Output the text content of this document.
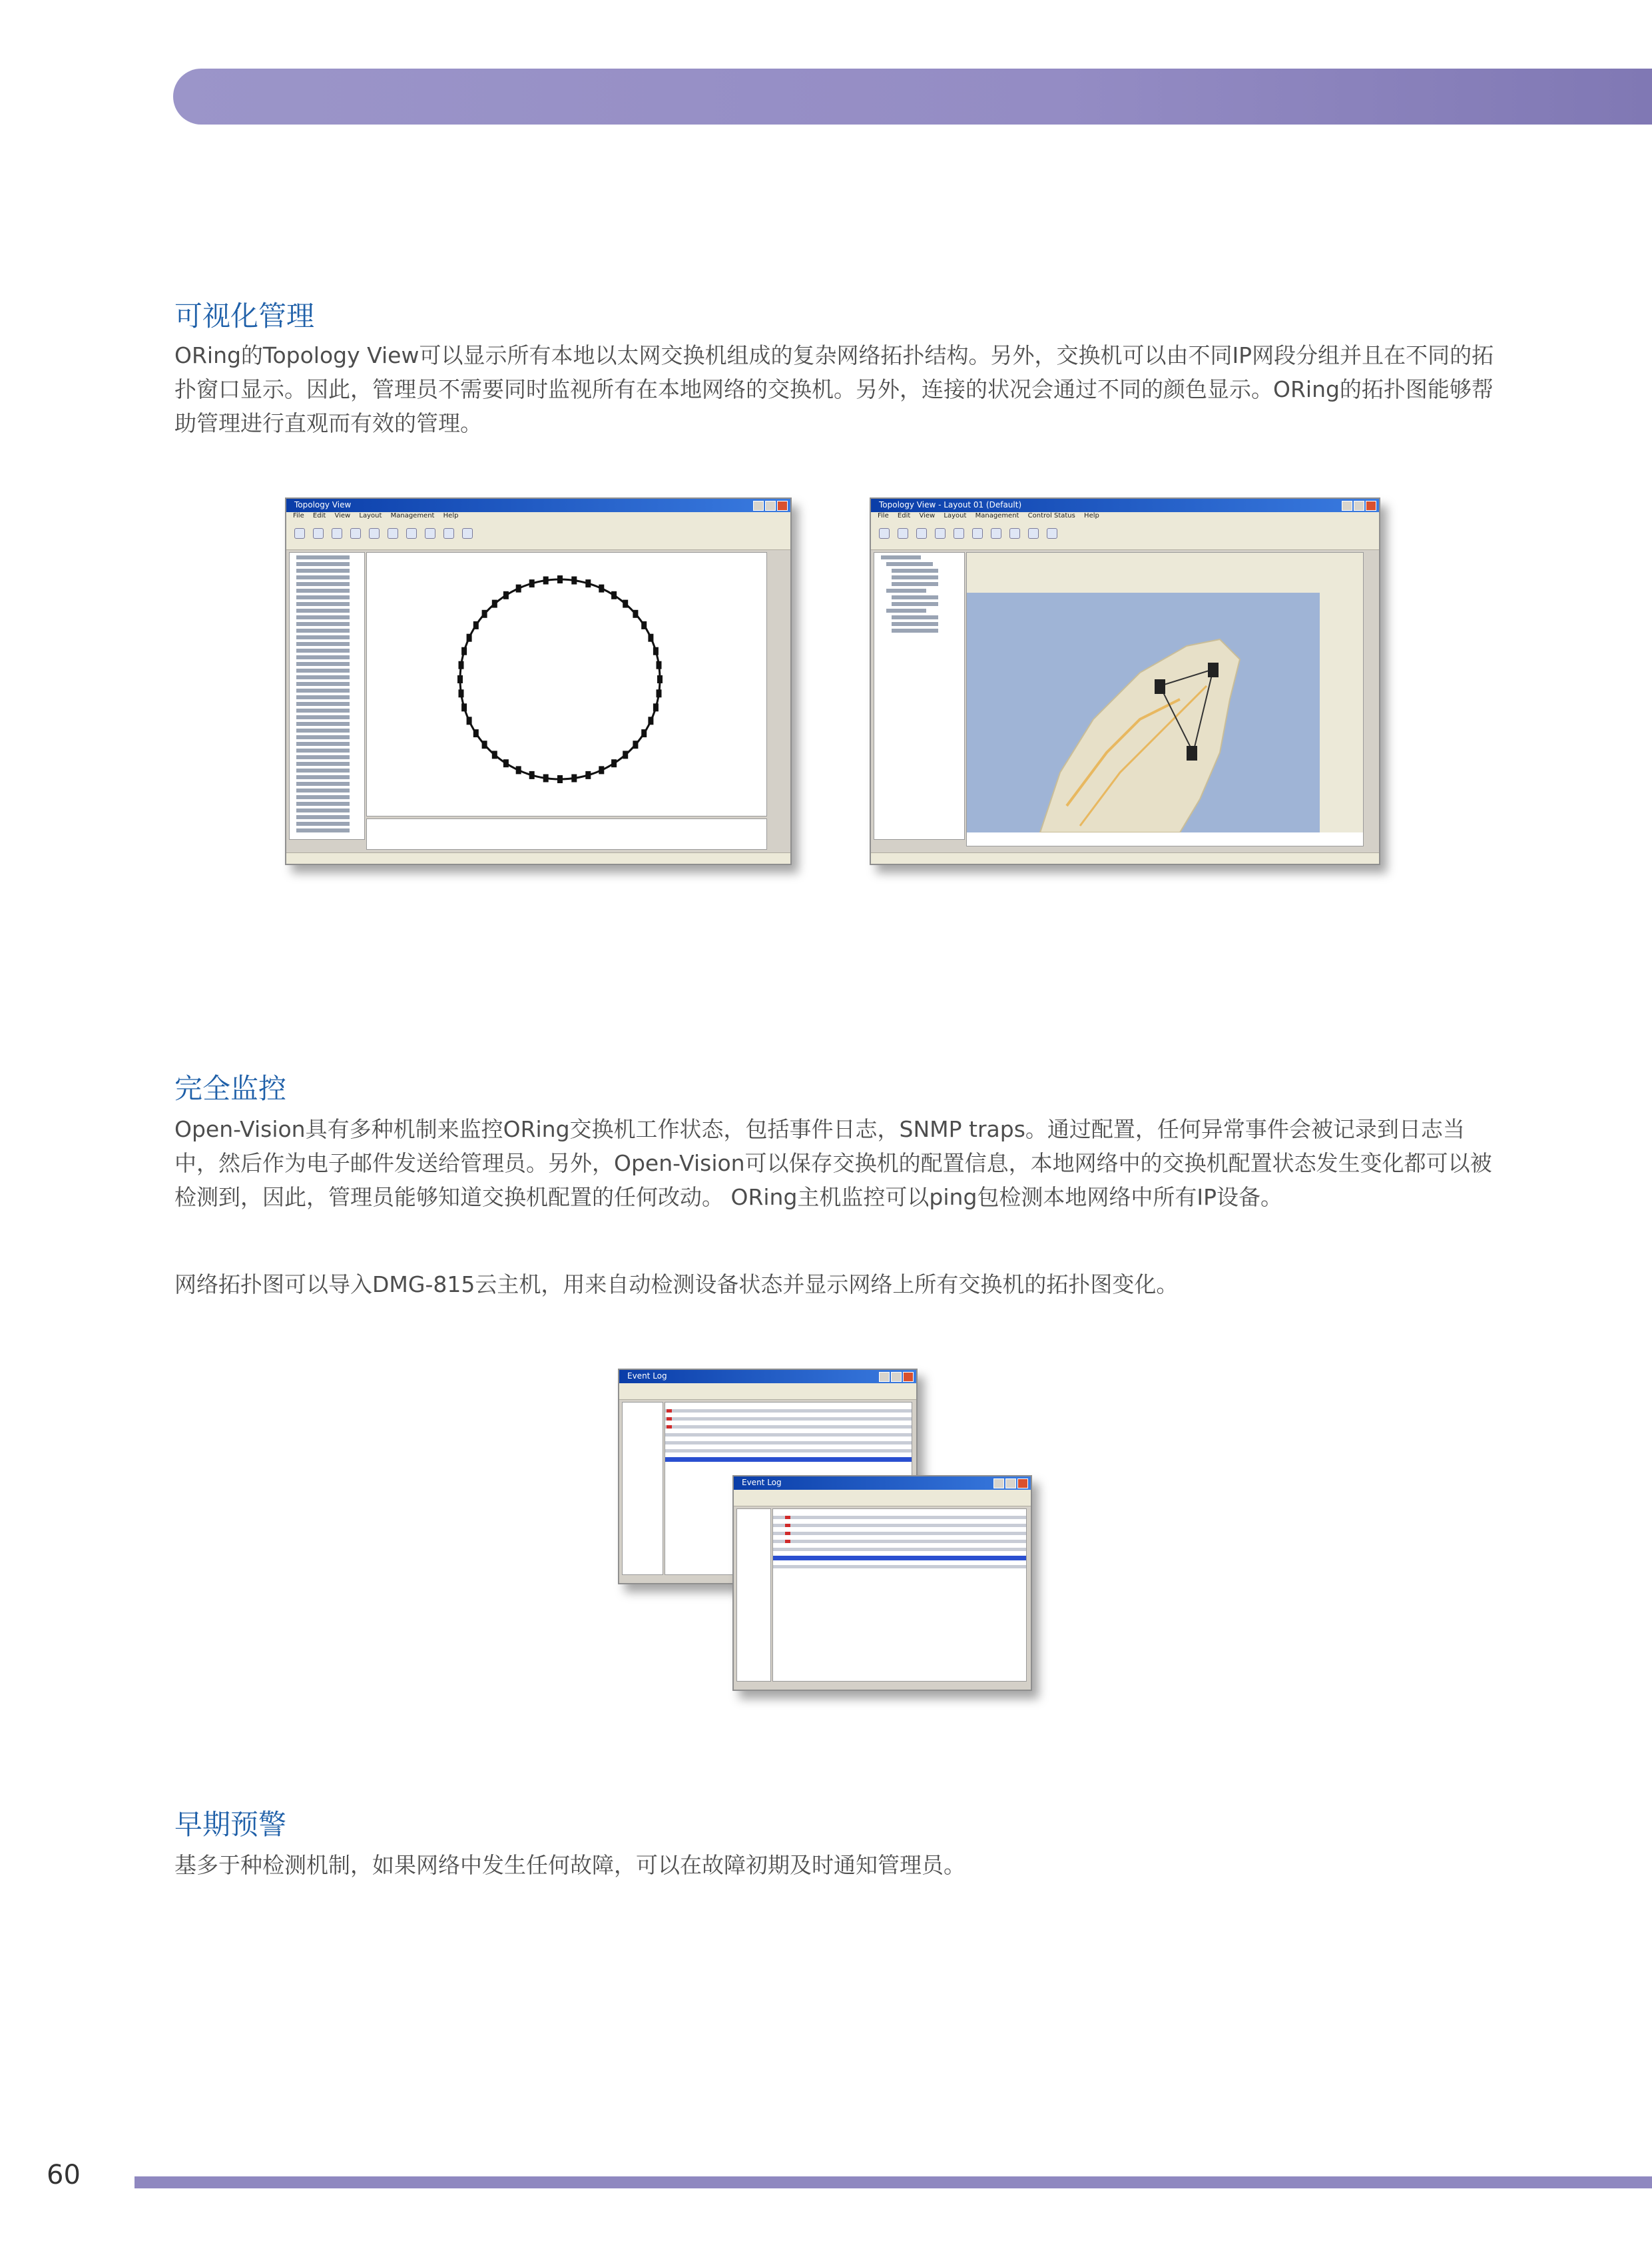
可视化管理

ORing的Topology View可以显示所有本地以太网交换机组成的复杂网络拓扑结构。另外，交换机可以由不同IP网段分组并且在不同的拓扑窗口显示。因此，管理员不需要同时监视所有在本地网络的交换机。另外，连接的状况会通过不同的颜色显示。ORing的拓扑图能够帮助管理进行直观而有效的管理。

Topology View
File Edit View Layout Management Help
Topology View - Layout 01 (Default)
File Edit View Layout Management Control Status Help
完全监控

Open-Vision具有多种机制来监控ORing交换机工作状态，包括事件日志，SNMP traps。通过配置，任何异常事件会被记录到日志当中，然后作为电子邮件发送给管理员。另外，Open-Vision可以保存交换机的配置信息，本地网络中的交换机配置状态发生变化都可以被检测到，因此，管理员能够知道交换机配置的任何改动。 ORing主机监控可以ping包检测本地网络中所有IP设备。

网络拓扑图可以导入DMG-815云主机，用来自动检测设备状态并显示网络上所有交换机的拓扑图变化。

Event Log
Event Log
早期预警

基多于种检测机制，如果网络中发生任何故障，可以在故障初期及时通知管理员。

60
